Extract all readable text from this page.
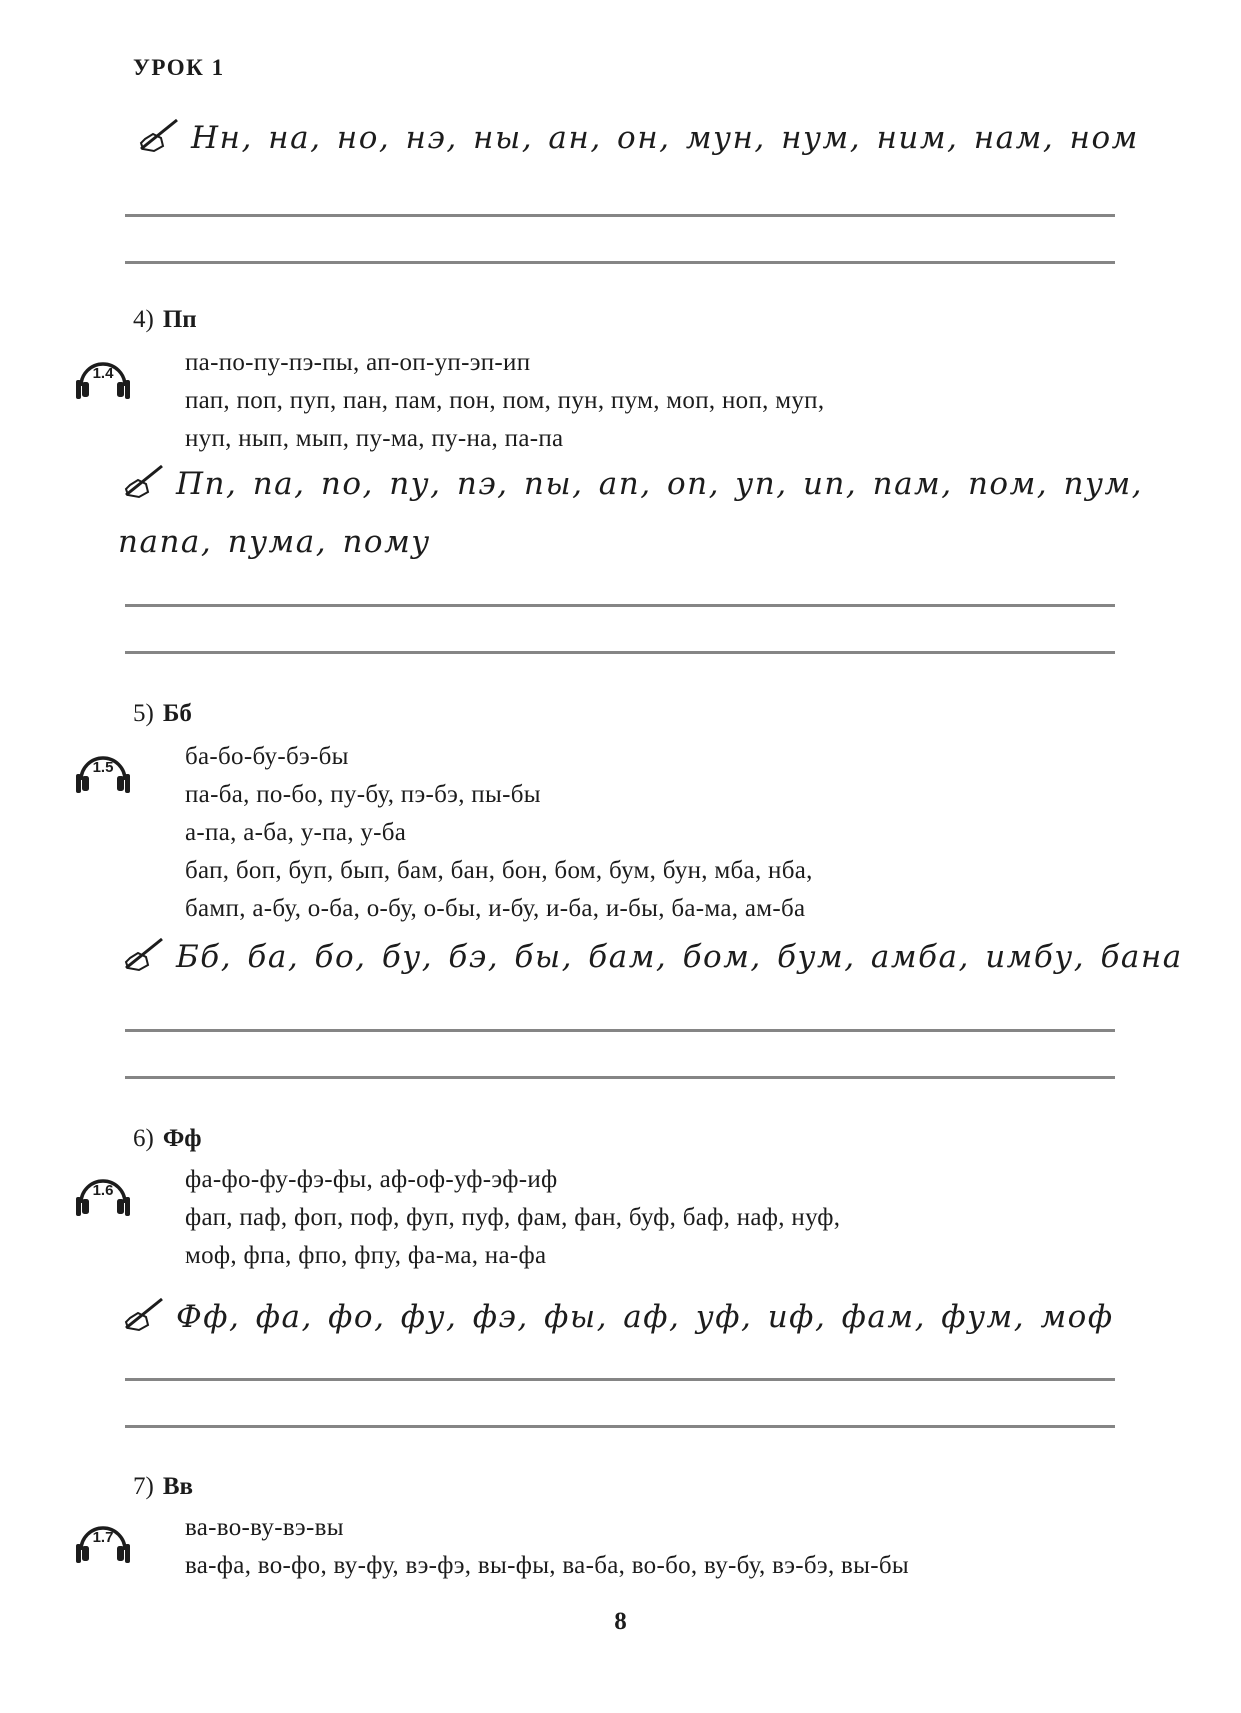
УРОК 1
Нн, на, но, нэ, ны, ан, он, мун, нум, ним, нам, ном
4) Пп
1.4	па-по-пу-пэ-пы, ап-оп-уп-эп-ип
пап, поп, пуп, пан, пам, пон, пом, пун, пум, моп, ноп, муп,
нуп, нып, мып, пу-ма, пу-на, па-па
Пп, па, по, пу, пэ, пы, ап, оп, уп, ип, пам, пом, пум,
папа, пума, пому
5) Бб
1.5	ба-бо-бу-бэ-бы
па-ба, по-бо, пу-бу, пэ-бэ, пы-бы
а-па, а-ба, у-па, у-ба
бап, боп, буп, бып, бам, бан, бон, бом, бум, бун, мба, нба,
бамп, а-бу, о-ба, о-бу, о-бы, и-бу, и-ба, и-бы, ба-ма, ам-ба
Бб, ба, бо, бу, бэ, бы, бам, бом, бум, амба, имбу, бана
6) Фф
1.6	фа-фо-фу-фэ-фы, аф-оф-уф-эф-иф
фап, паф, фоп, поф, фуп, пуф, фам, фан, буф, баф, наф, нуф,
моф, фпа, фпо, фпу, фа-ма, на-фа
Фф, фа, фо, фу, фэ, фы, аф, уф, иф, фам, фум, моф
7) Вв
1.7	ва-во-ву-вэ-вы
ва-фа, во-фо, ву-фу, вэ-фэ, вы-фы, ва-ба, во-бо, ву-бу, вэ-бэ, вы-бы
8
